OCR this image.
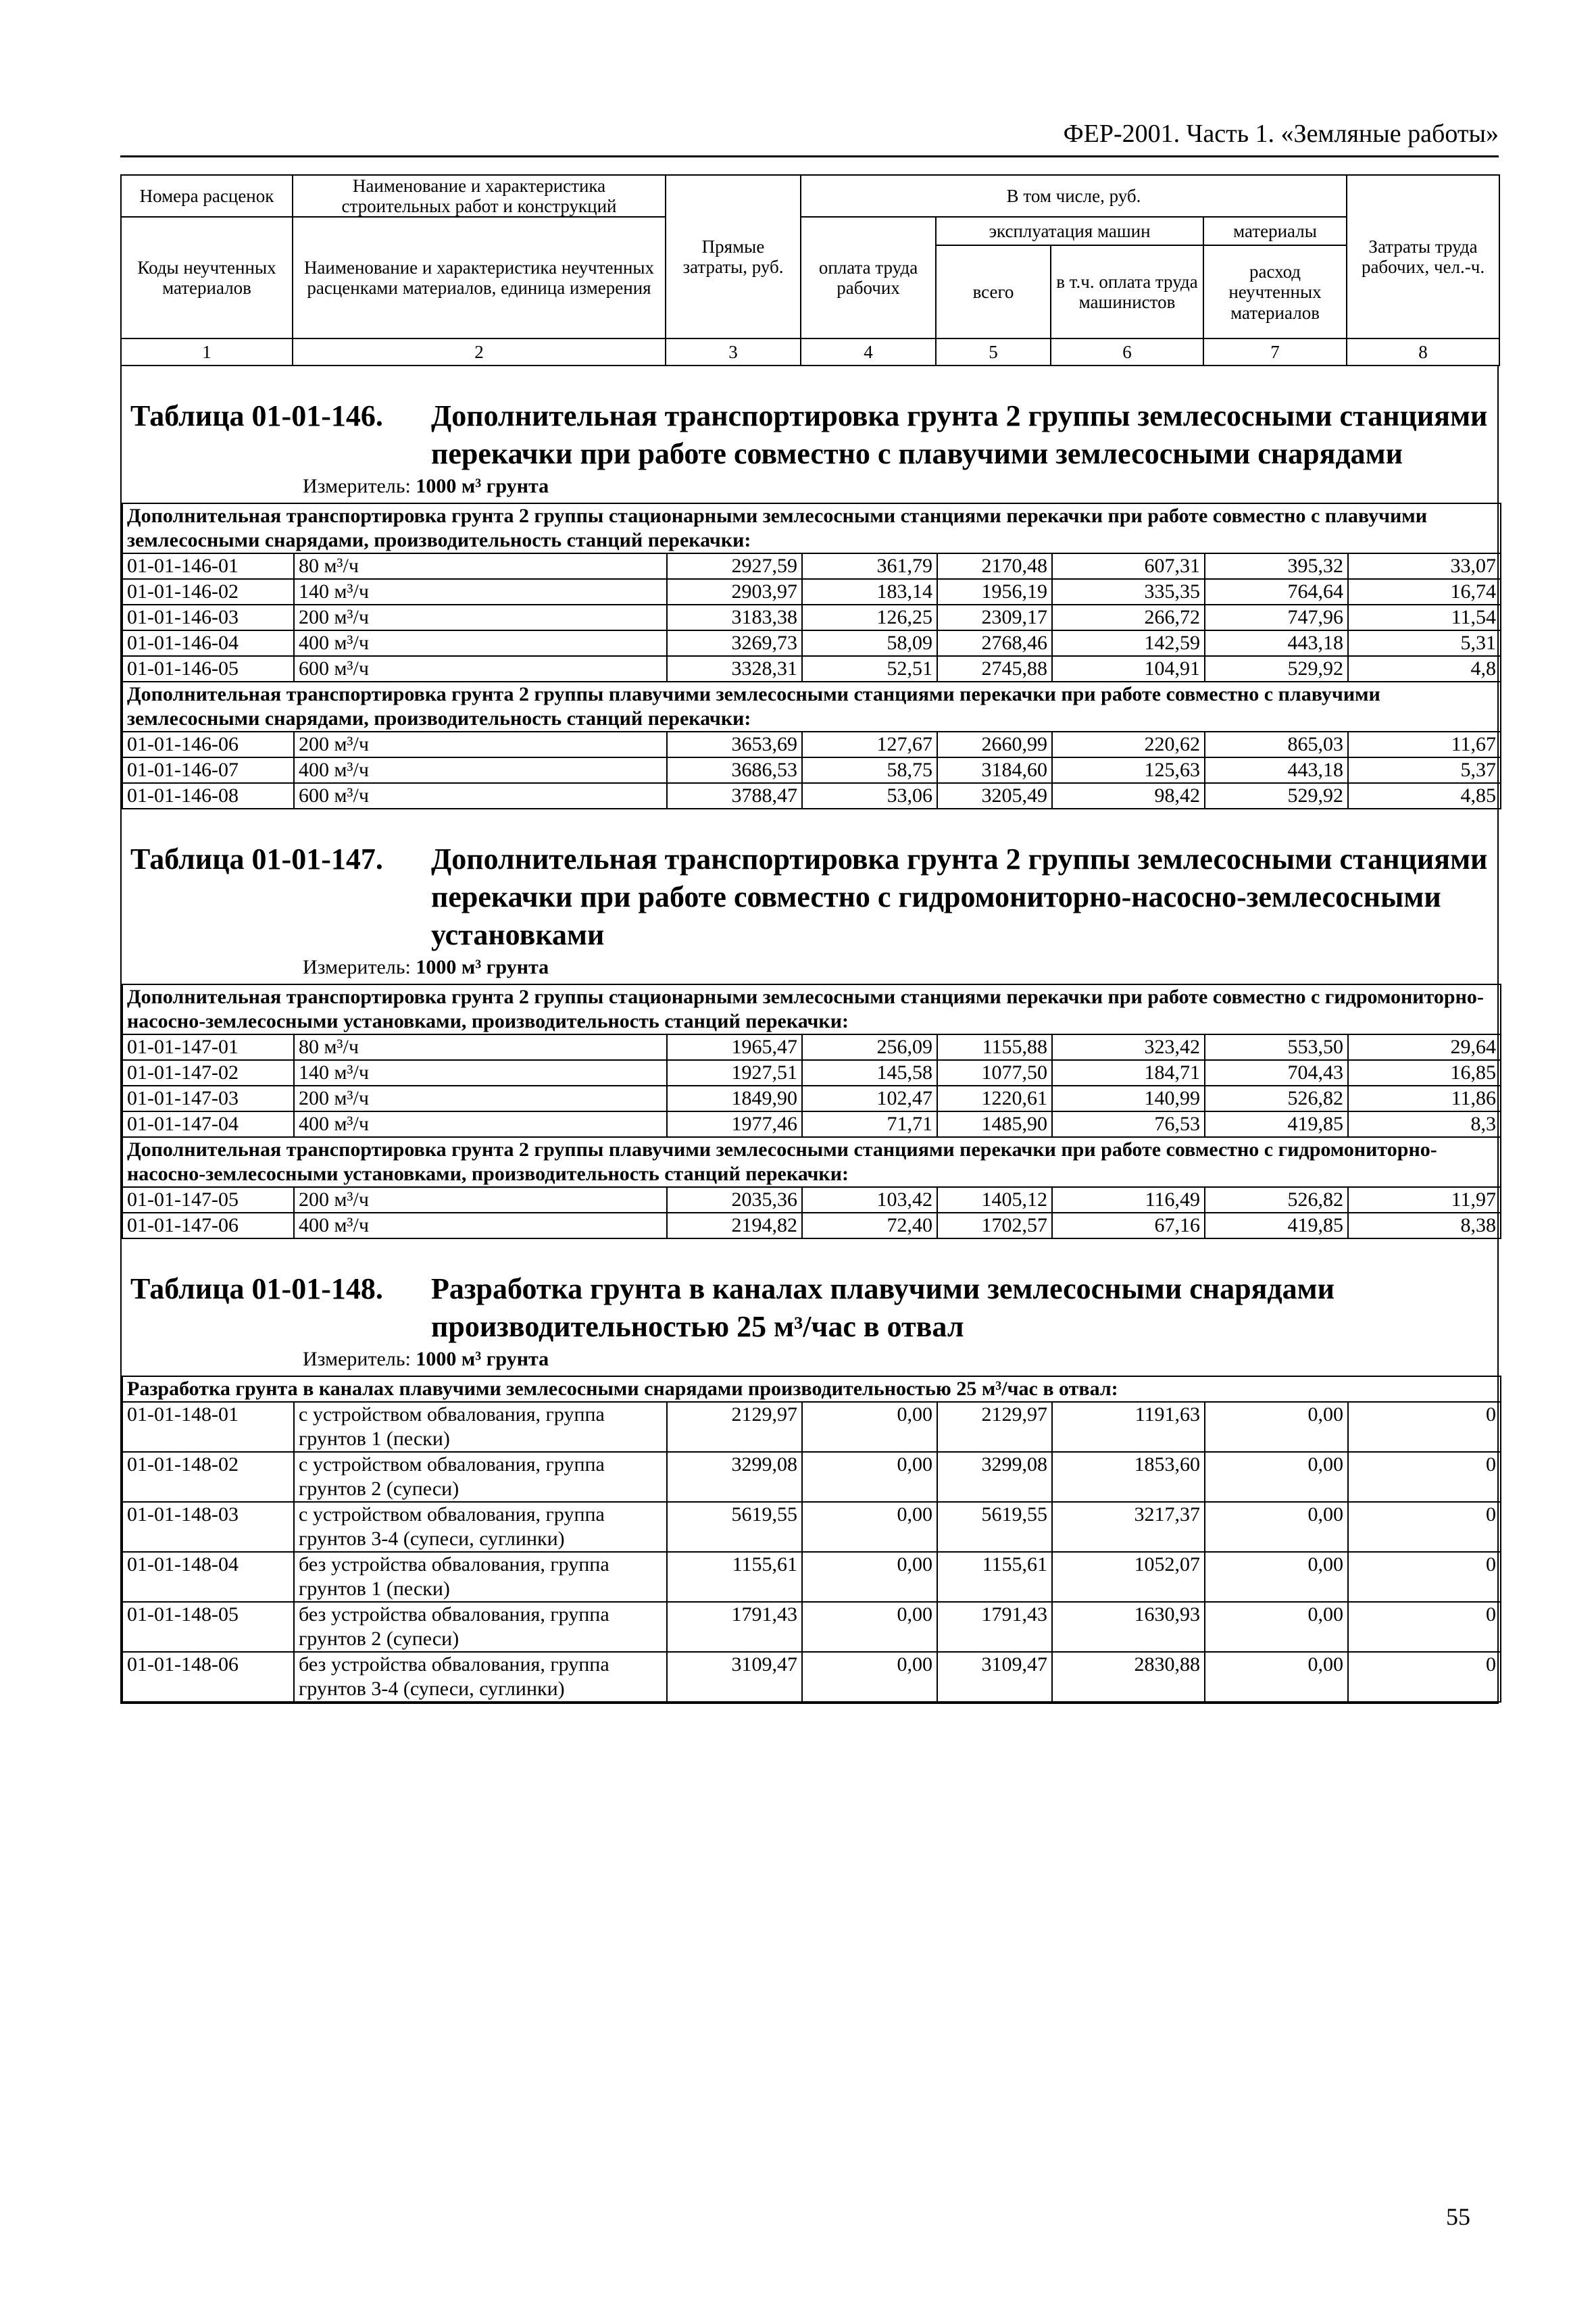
ФЕР-2001. Часть 1. «Земляные работы»
Номера расценок	Наименование и характеристика строительных работ и конструкций	Прямые затраты, руб.	В том числе, руб.				Затраты труда рабочих, чел.-ч.
Коды неучтенных материалов	Наименование и характеристика неучтенных расценками материалов, единица измерения		оплата труда рабочих	эксплуатация машин		материалы	
				всего	в т.ч. оплата труда машинистов	расход неучтенных материалов	
1	2	3	4	5	6	7	8
Таблица 01-01-146. Дополнительная транспортировка грунта 2 группы землесосными станциями перекачки при работе совместно с плавучими землесосными снарядами
Измеритель: 1000 м³ грунта
Дополнительная транспортировка грунта 2 группы стационарными землесосными станциями перекачки при работе совместно с плавучими землесосными снарядами, производительность станций перекачки:							
01-01-146-01	80 м³/ч	2927,59	361,79	2170,48	607,31	395,32	33,07
01-01-146-02	140 м³/ч	2903,97	183,14	1956,19	335,35	764,64	16,74
01-01-146-03	200 м³/ч	3183,38	126,25	2309,17	266,72	747,96	11,54
01-01-146-04	400 м³/ч	3269,73	58,09	2768,46	142,59	443,18	5,31
01-01-146-05	600 м³/ч	3328,31	52,51	2745,88	104,91	529,92	4,8
Дополнительная транспортировка грунта 2 группы плавучими землесосными станциями перекачки при работе совместно с плавучими землесосными снарядами, производительность станций перекачки:							
01-01-146-06	200 м³/ч	3653,69	127,67	2660,99	220,62	865,03	11,67
01-01-146-07	400 м³/ч	3686,53	58,75	3184,60	125,63	443,18	5,37
01-01-146-08	600 м³/ч	3788,47	53,06	3205,49	98,42	529,92	4,85
Таблица 01-01-147. Дополнительная транспортировка грунта 2 группы землесосными станциями перекачки при работе совместно с гидромониторно-насосно-землесосными установками
Измеритель: 1000 м³ грунта
Дополнительная транспортировка грунта 2 группы стационарными землесосными станциями перекачки при работе совместно с гидромониторно-насосно-землесосными установками, производительность станций перекачки:							
01-01-147-01	80 м³/ч	1965,47	256,09	1155,88	323,42	553,50	29,64
01-01-147-02	140 м³/ч	1927,51	145,58	1077,50	184,71	704,43	16,85
01-01-147-03	200 м³/ч	1849,90	102,47	1220,61	140,99	526,82	11,86
01-01-147-04	400 м³/ч	1977,46	71,71	1485,90	76,53	419,85	8,3
Дополнительная транспортировка грунта 2 группы плавучими землесосными станциями перекачки при работе совместно с гидромониторно-насосно-землесосными установками, производительность станций перекачки:							
01-01-147-05	200 м³/ч	2035,36	103,42	1405,12	116,49	526,82	11,97
01-01-147-06	400 м³/ч	2194,82	72,40	1702,57	67,16	419,85	8,38
Таблица 01-01-148. Разработка грунта в каналах плавучими землесосными снарядами производительностью 25 м³/час в отвал
Измеритель: 1000 м³ грунта
Разработка грунта в каналах плавучими землесосными снарядами производительностью 25 м³/час в отвал:							
01-01-148-01	с устройством обвалования, группа грунтов 1 (пески)	2129,97	0,00	2129,97	1191,63	0,00	0
01-01-148-02	с устройством обвалования, группа грунтов 2 (супеси)	3299,08	0,00	3299,08	1853,60	0,00	0
01-01-148-03	с устройством обвалования, группа грунтов 3-4 (супеси, суглинки)	5619,55	0,00	5619,55	3217,37	0,00	0
01-01-148-04	без устройства обвалования, группа грунтов 1 (пески)	1155,61	0,00	1155,61	1052,07	0,00	0
01-01-148-05	без устройства обвалования, группа грунтов 2 (супеси)	1791,43	0,00	1791,43	1630,93	0,00	0
01-01-148-06	без устройства обвалования, группа грунтов 3-4 (супеси, суглинки)	3109,47	0,00	3109,47	2830,88	0,00	0
55
